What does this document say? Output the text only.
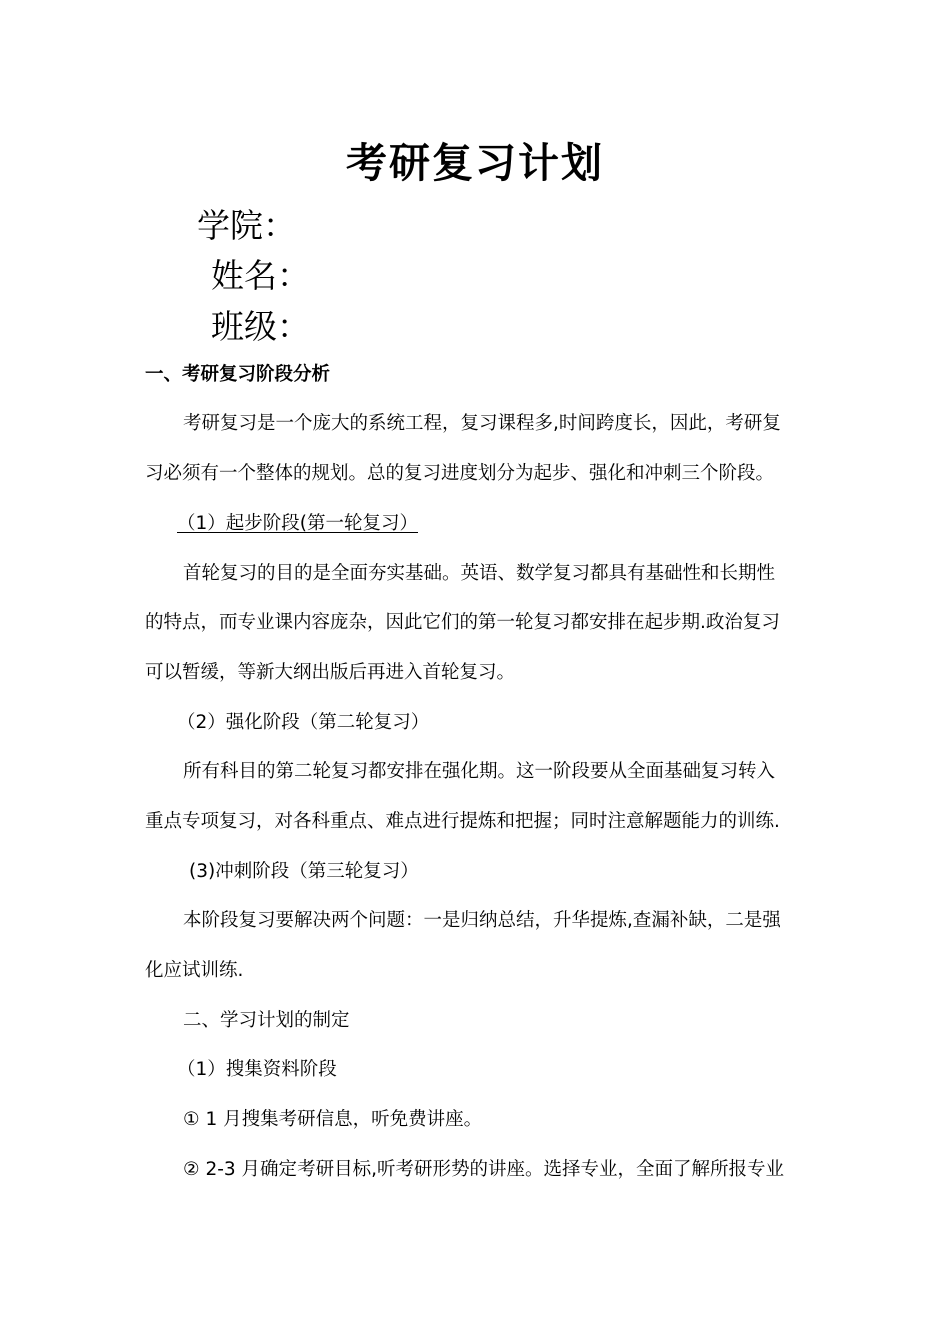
考研复习计划
学院：
姓名：
班级：
一、考研复习阶段分析
考研复习是一个庞大的系统工程，复习课程多,时间跨度长，因此，考研复
习必须有一个整体的规划。总的复习进度划分为起步、强化和冲刺三个阶段。
（1）起步阶段(第一轮复习）
首轮复习的目的是全面夯实基础。英语、数学复习都具有基础性和长期性
的特点，而专业课内容庞杂，因此它们的第一轮复习都安排在起步期.政治复习
可以暂缓，等新大纲出版后再进入首轮复习。
（2）强化阶段（第二轮复习）
所有科目的第二轮复习都安排在强化期。这一阶段要从全面基础复习转入
重点专项复习，对各科重点、难点进行提炼和把握；同时注意解题能力的训练.
(3)冲刺阶段（第三轮复习）
本阶段复习要解决两个问题：一是归纳总结，升华提炼,查漏补缺，二是强
化应试训练.
二、学习计划的制定
（1）搜集资料阶段
① 1 月搜集考研信息，听免费讲座。
② 2-3 月确定考研目标,听考研形势的讲座。选择专业，全面了解所报专业
